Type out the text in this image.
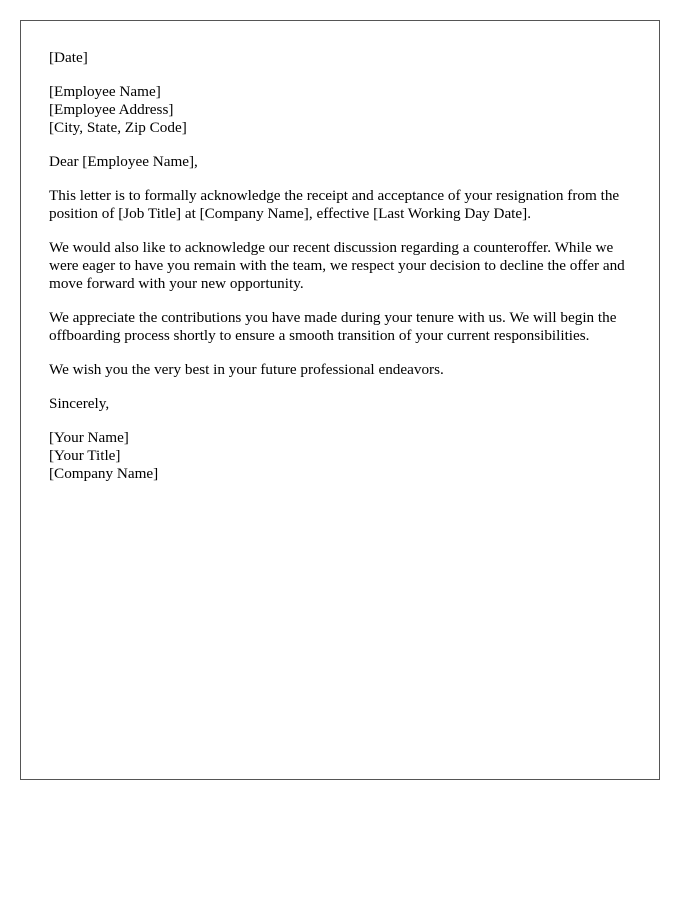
[Date]
[Employee Name]
[Employee Address]
[City, State, Zip Code]
Dear [Employee Name],

This letter is to formally acknowledge the receipt and acceptance of your resignation from the position of [Job Title] at [Company Name], effective [Last Working Day Date].

We would also like to acknowledge our recent discussion regarding a counteroffer. While we were eager to have you remain with the team, we respect your decision to decline the offer and move forward with your new opportunity.

We appreciate the contributions you have made during your tenure with us. We will begin the offboarding process shortly to ensure a smooth transition of your current responsibilities.

We wish you the very best in your future professional endeavors.

Sincerely,
[Your Name]
[Your Title]
[Company Name]
